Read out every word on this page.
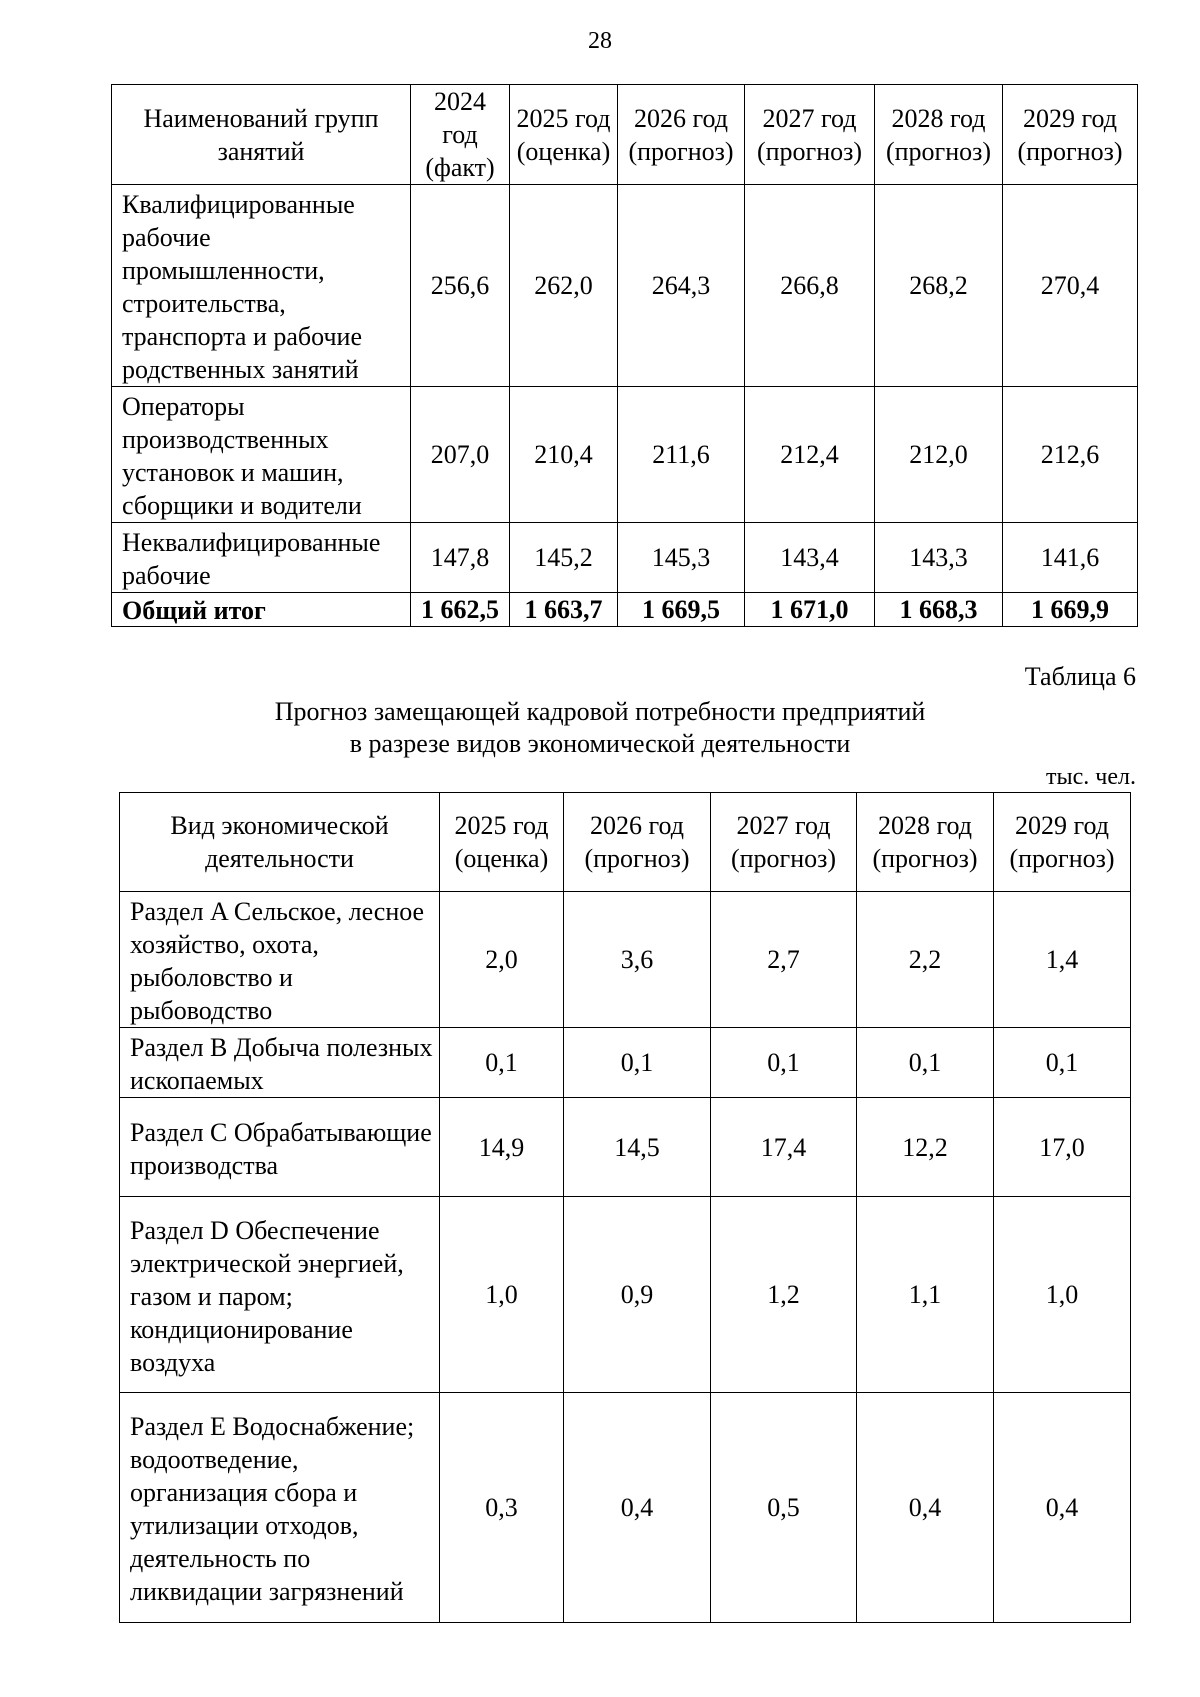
28
Наименований групп занятий	2024 год (факт)	2025 год (оценка)	2026 год (прогноз)	2027 год (прогноз)	2028 год (прогноз)	2029 год (прогноз)
Квалифицированные рабочие промышленности, строительства, транспорта и рабочие родственных занятий	256,6	262,0	264,3	266,8	268,2	270,4
Операторы производственных установок и машин, сборщики и водители	207,0	210,4	211,6	212,4	212,0	212,6
Неквалифицированные рабочие	147,8	145,2	145,3	143,4	143,3	141,6
Общий итог	1 662,5	1 663,7	1 669,5	1 671,0	1 668,3	1 669,9
Таблица 6
Прогноз замещающей кадровой потребности предприятий
в разрезе видов экономической деятельности
тыс. чел.
Вид экономической деятельности	2025 год (оценка)	2026 год (прогноз)	2027 год (прогноз)	2028 год (прогноз)	2029 год (прогноз)
Раздел A Сельское, лесное хозяйство, охота, рыболовство и рыбоводство	2,0	3,6	2,7	2,2	1,4
Раздел B Добыча полезных ископаемых	0,1	0,1	0,1	0,1	0,1
Раздел C Обрабатывающие производства	14,9	14,5	17,4	12,2	17,0
Раздел D Обеспечение электрической энергией, газом и паром; кондиционирование воздуха	1,0	0,9	1,2	1,1	1,0
Раздел E Водоснабжение; водоотведение, организация сбора и утилизации отходов, деятельность по ликвидации загрязнений	0,3	0,4	0,5	0,4	0,4
